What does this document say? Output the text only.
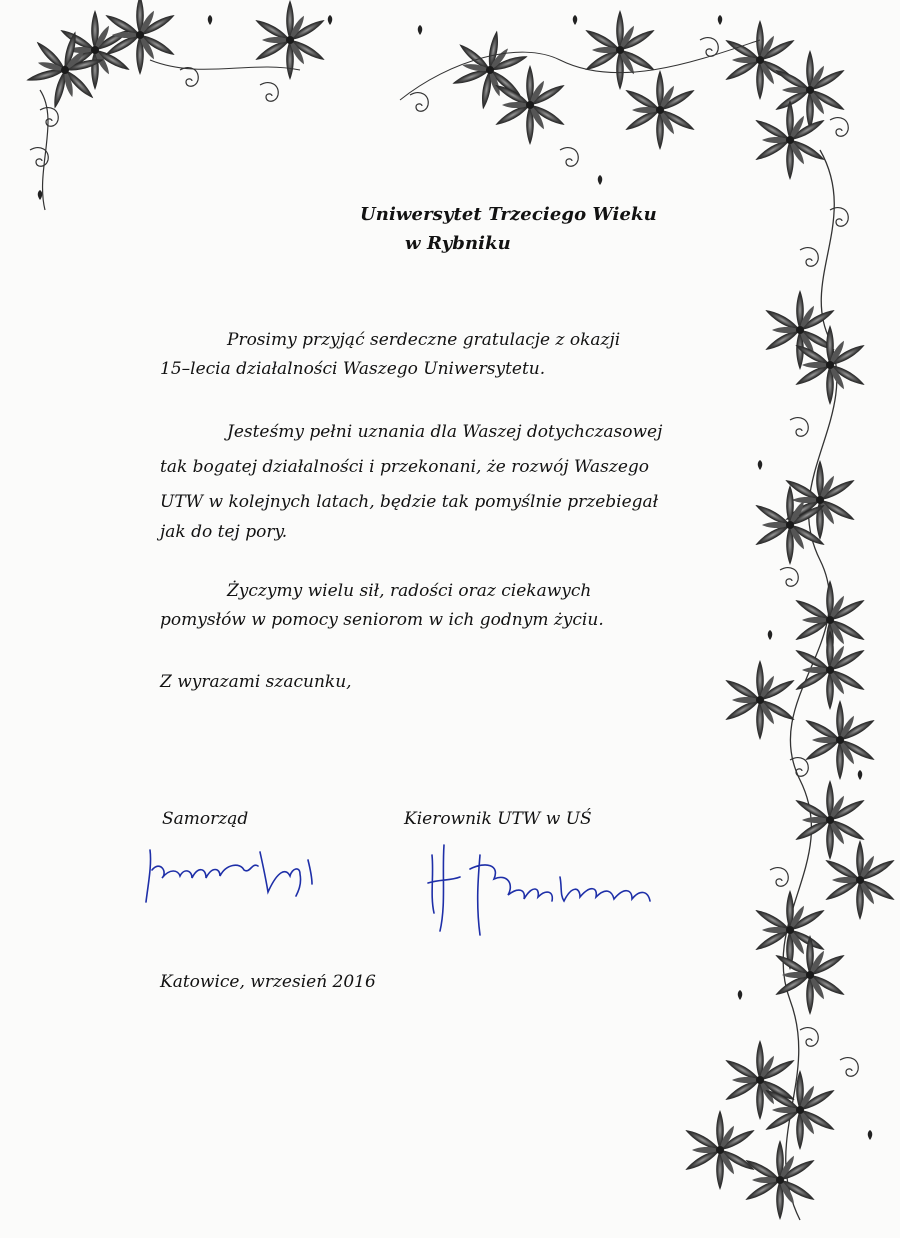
Uniwersytet Trzeciego Wieku
w Rybniku
Prosimy przyjąć serdeczne gratulacje z okazji
15–lecia działalności Waszego Uniwersytetu.
Jesteśmy pełni uznania dla Waszej dotychczasowej
tak bogatej działalności i przekonani, że rozwój Waszego
UTW w kolejnych latach, będzie tak pomyślnie przebiegał
jak do tej pory.
Życzymy wielu sił, radości oraz ciekawych
pomysłów w pomocy seniorom w ich godnym życiu.
Z wyrazami szacunku,
Samorząd	Kierownik UTW w UŚ
Katowice, wrzesień 2016
